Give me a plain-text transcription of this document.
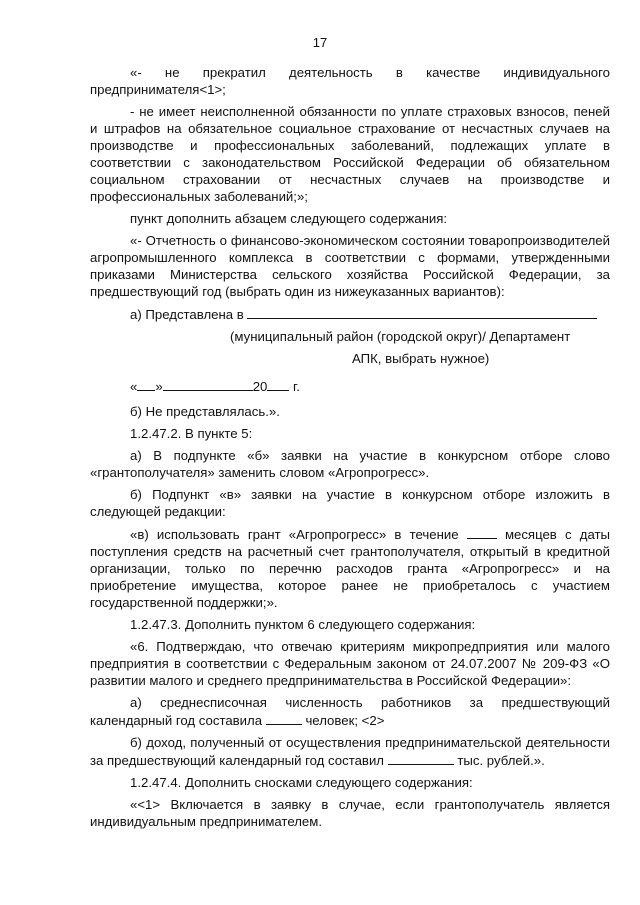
17

«- не прекратил деятельность в качестве индивидуального

предпринимателя<1>;

- не имеет неисполненной обязанности по уплате страховых взносов, пеней и штрафов на обязательное социальное страхование от несчастных случаев на производстве и профессиональных заболеваний, подлежащих уплате в соответствии с законодательством Российской Федерации об обязательном социальном страховании от несчастных случаев на производстве и профессиональных заболеваний;»;

пункт дополнить абзацем следующего содержания:

«- Отчетность о финансово-экономическом состоянии товаропроизводителей агропромышленного комплекса в соответствии с формами, утвержденными приказами Министерства сельского хозяйства Российской Федерации, за предшествующий год (выбрать один из нижеуказанных вариантов):

а) Представлена в

(муниципальный район (городской округ)/ Департамент
АПК, выбрать нужное)
« »	20 г.

б) Не представлялась.».

1.2.47.2. В пункте 5:

а) В подпункте «б» заявки на участие в конкурсном отборе слово «грантополучателя» заменить словом «Агропрогресс».

б) Подпункт «в» заявки на участие в конкурсном отборе изложить в следующей редакции:

«в) использовать грант «Агропрогресс» в течение	месяцев с даты поступления средств на расчетный счет грантополучателя, открытый в кредитной организации, только по перечню расходов гранта «Агропрогресс» и на приобретение имущества, которое ранее не приобреталось с участием государственной поддержки;».

1.2.47.3. Дополнить пунктом 6 следующего содержания:

«6. Подтверждаю, что отвечаю критериям микропредприятия или малого предприятия в соответствии с Федеральным законом от 24.07.2007 № 209-ФЗ «О развитии малого и среднего предпринимательства в Российской Федерации»:

а) среднесписочная численность работников за предшествующий календарный год составила	человек; <2>

б) доход, полученный от осуществления предпринимательской деятельности за предшествующий календарный год составил	тыс. рублей.».

1.2.47.4. Дополнить сносками следующего содержания:

«<1> Включается в заявку в случае, если грантополучатель является индивидуальным предпринимателем.
